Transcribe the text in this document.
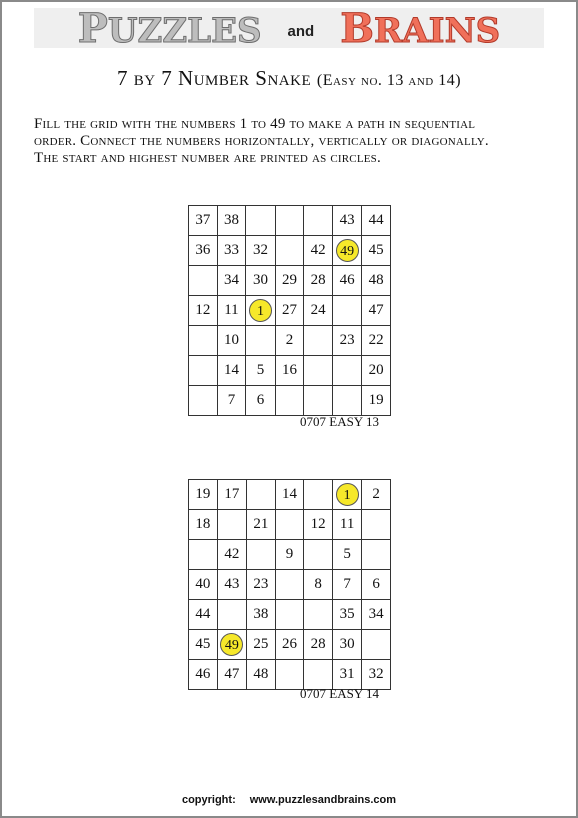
PUZZLES and BRAINS
7 by 7 Number Snake (Easy no. 13 and 14)
Fill the grid with the numbers 1 to 49 to make a path in sequential
order. Connect the numbers horizontally, vertically or diagonally.
The start and highest number are printed as circles.
37	38				43	44
36	33	32		42	49	45
	34	30	29	28	46	48
12	11	1	27	24		47
	10		2		23	22
	14	5	16			20
	7	6				19
0707 EASY 13
19	17		14		1	2
18		21		12	11	
	42		9		5	
40	43	23		8	7	6
44		38			35	34
45	49	25	26	28	30	
46	47	48			31	32
0707 EASY 14
copyright: www.puzzlesandbrains.com
